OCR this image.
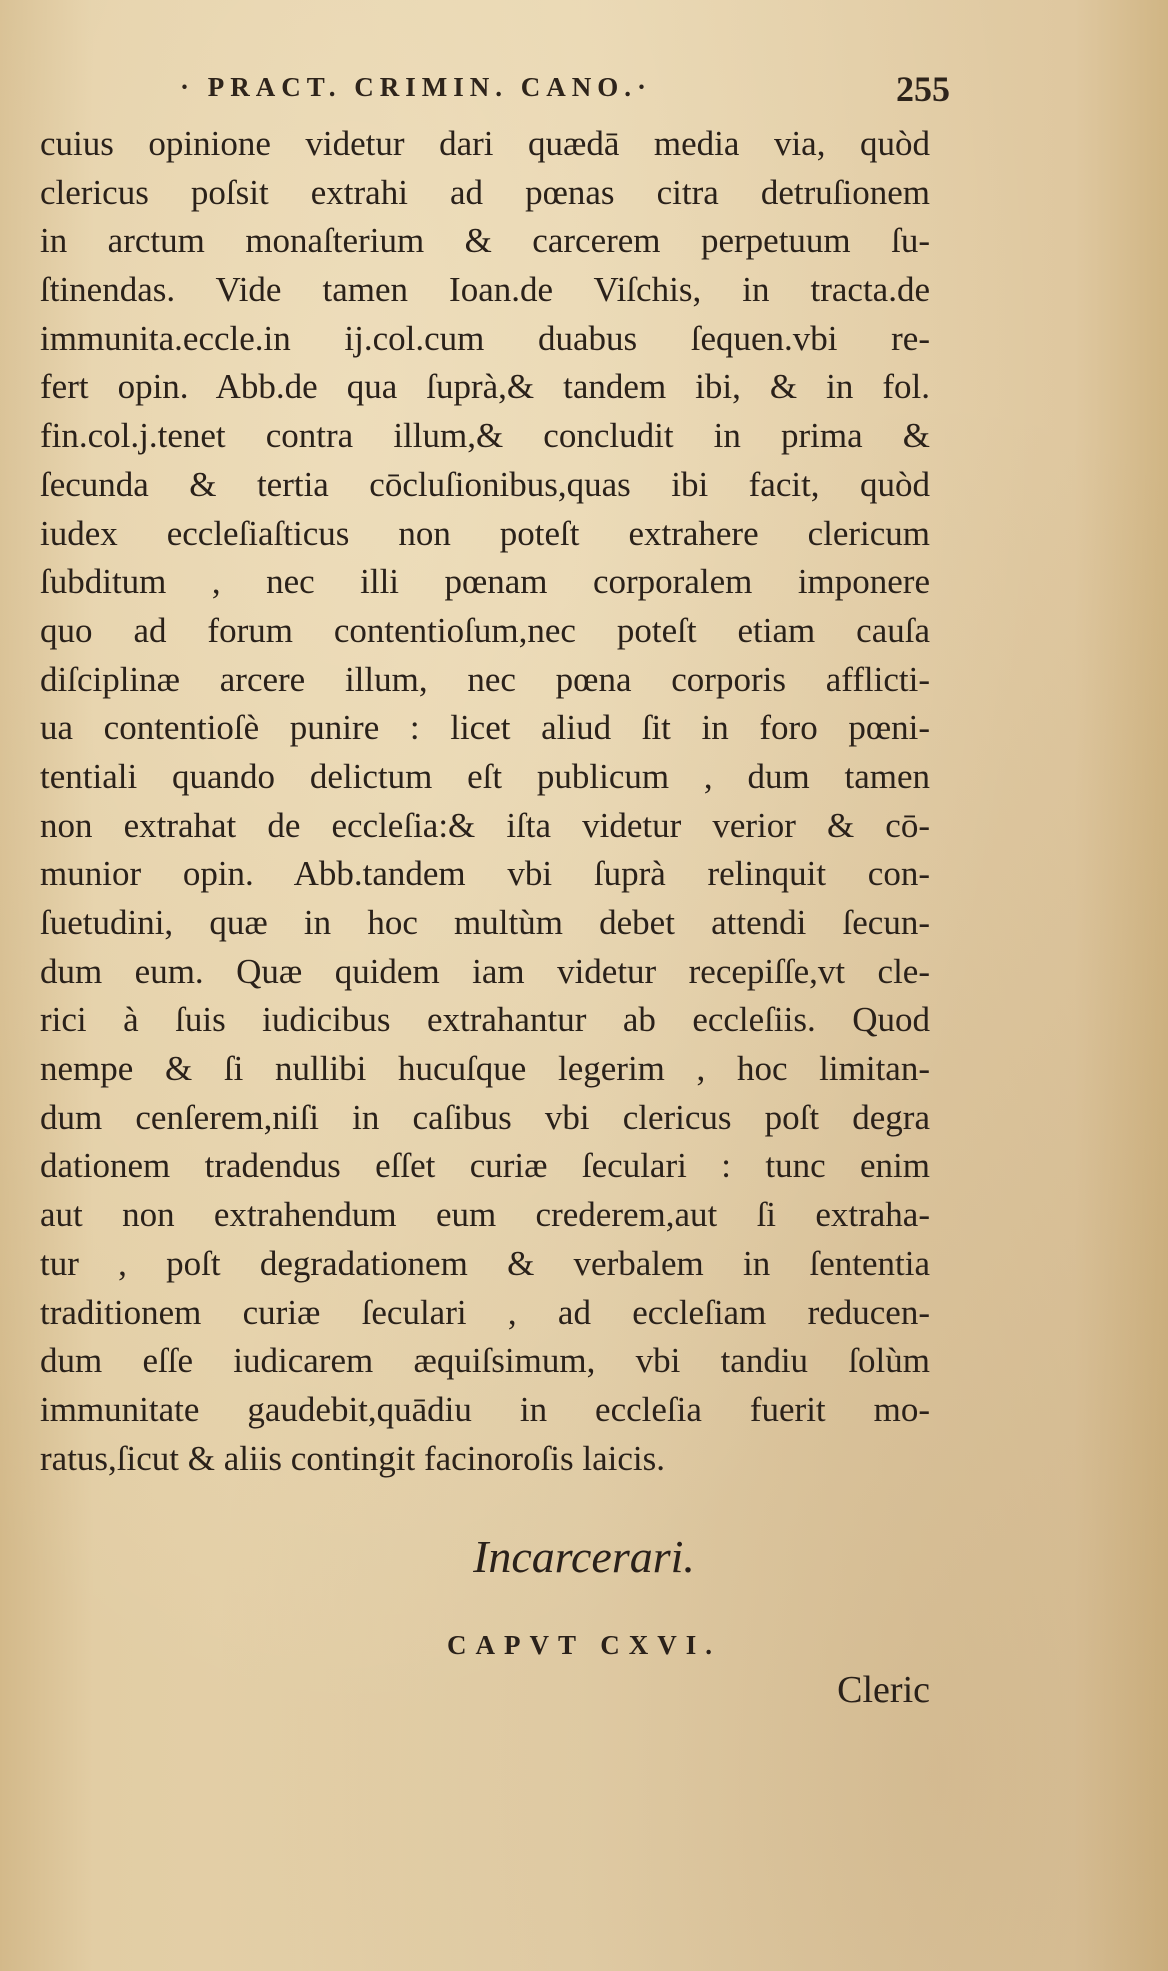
· PRACT. CRIMIN. CANO.·	255
cuius opinione videtur dari quædā media via, quòd
clericus poſsit extrahi ad pœnas citra detruſionem
in arctum monaſterium & carcerem perpetuum ſu-
ſtinendas. Vide tamen Ioan.de Viſchis, in tracta.de
immunita.eccle.in ij.col.cum duabus ſequen.vbi re-
fert opin. Abb.de qua ſuprà,& tandem ibi, & in fol.
fin.col.j.tenet contra illum,& concludit in prima &
ſecunda & tertia cōcluſionibus,quas ibi facit, quòd
iudex eccleſiaſticus non poteſt extrahere clericum
ſubditum , nec illi pœnam corporalem imponere
quo ad forum contentioſum,nec poteſt etiam cauſa
diſciplinæ arcere illum, nec pœna corporis afflicti-
ua contentioſè punire : licet aliud ſit in foro pœni-
tentiali quando delictum eſt publicum , dum tamen
non extrahat de eccleſia:& iſta videtur verior & cō-
munior opin. Abb.tandem vbi ſuprà relinquit con-
ſuetudini, quæ in hoc multùm debet attendi ſecun-
dum eum. Quæ quidem iam videtur recepiſſe,vt cle-
rici à ſuis iudicibus extrahantur ab eccleſiis. Quod
nempe & ſi nullibi hucuſque legerim , hoc limitan-
dum cenſerem,niſi in caſibus vbi clericus poſt degra
dationem tradendus eſſet curiæ ſeculari : tunc enim
aut non extrahendum eum crederem,aut ſi extraha-
tur , poſt degradationem & verbalem in ſententia
traditionem curiæ ſeculari , ad eccleſiam reducen-
dum eſſe iudicarem æquiſsimum, vbi tandiu ſolùm
immunitate gaudebit,quādiu in eccleſia fuerit mo-
ratus,ſicut & aliis contingit facinoroſis laicis.
Incarcerari.
CAPVT CXVI.
Cleric
